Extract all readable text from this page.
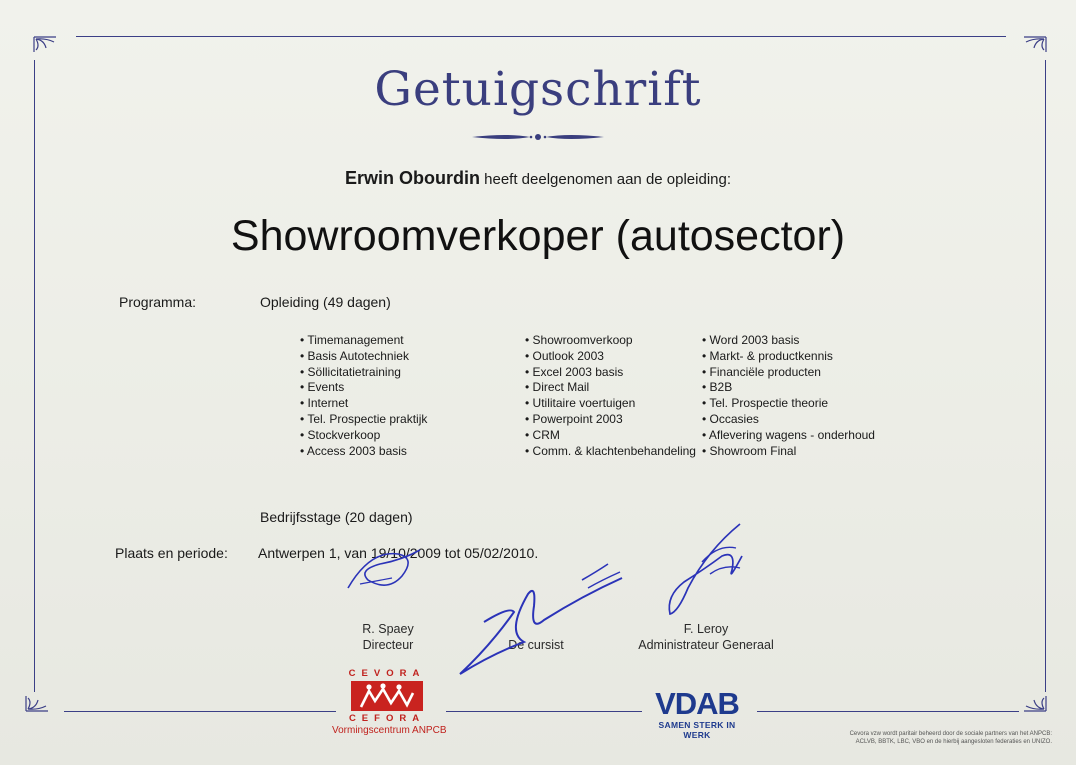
Getuigschrift
Erwin Obourdin heeft deelgenomen aan de opleiding:
Showroomverkoper (autosector)
Programma:	Opleiding (49 dagen)
• Timemanagement
• Basis Autotechniek
• Söllicitatietraining
• Events
• Internet
• Tel. Prospectie praktijk
• Stockverkoop
• Access 2003 basis
• Showroomverkoop
• Outlook 2003
• Excel 2003 basis
• Direct Mail
• Utilitaire voertuigen
• Powerpoint 2003
• CRM
• Comm. & klachtenbehandeling
• Word 2003 basis
• Markt- & productkennis
• Financiële producten
• B2B
• Tel. Prospectie theorie
• Occasies
• Aflevering wagens - onderhoud
• Showroom Final
Bedrijfsstage (20 dagen)
Plaats en periode: Antwerpen 1, van 19/10/2009 tot 05/02/2010.
R. Spaey
Directeur	De cursist
F. Leroy
Administrateur Generaal
CEVORA
CEFORA
Vormingscentrum ANPCB
VDAB
SAMEN STERK IN WERK	Cevora vzw wordt paritair beheerd door de sociale partners van het ANPCB:
ACLVB, BBTK, LBC, VBO en de hierbij aangesloten federaties en UNIZO.
